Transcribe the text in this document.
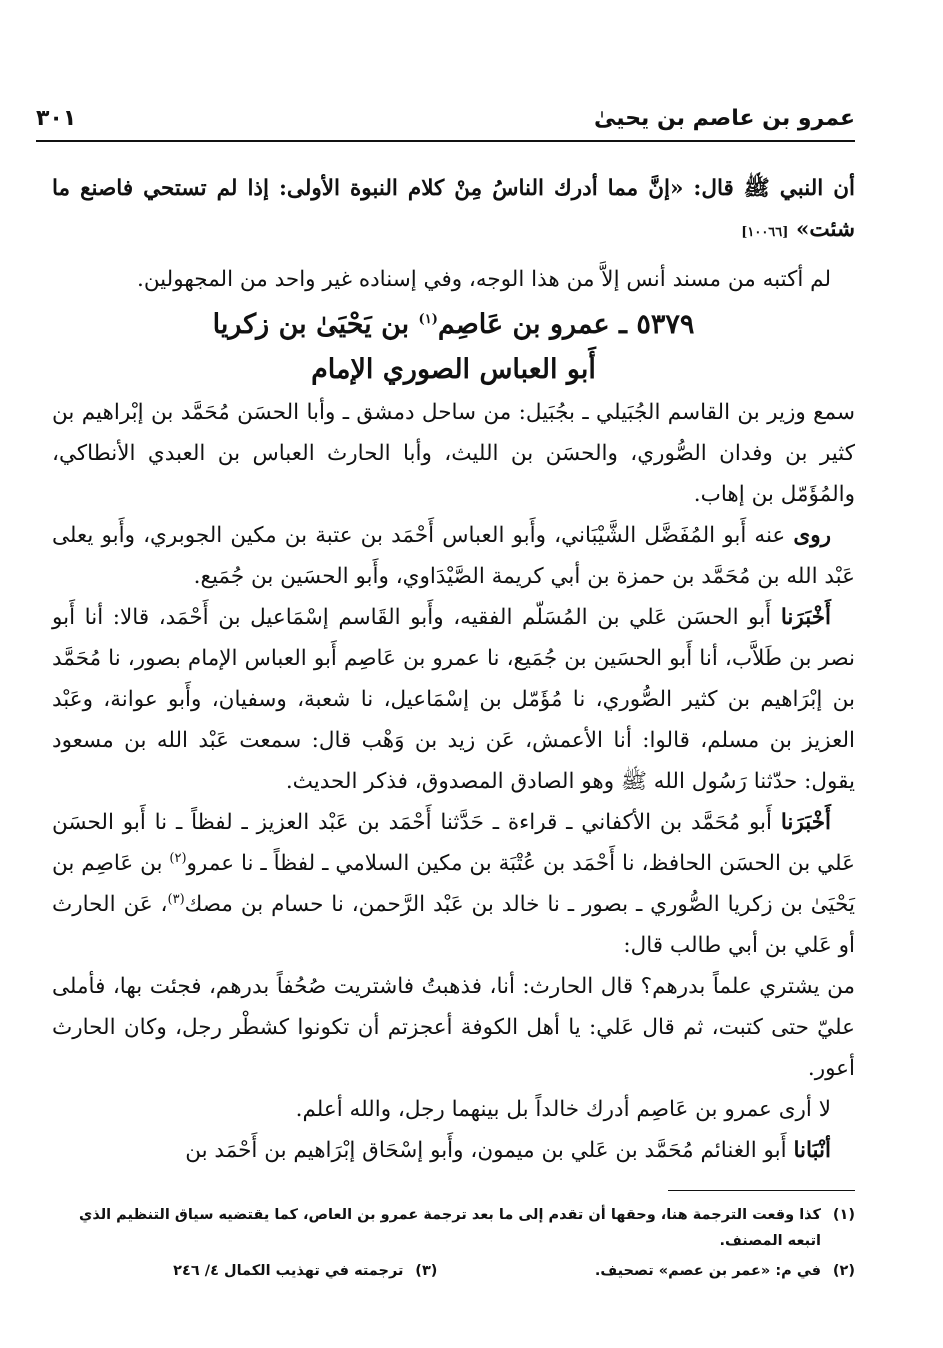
عمرو بن عاصم بن يحيىٰ
٣٠١

أن النبي ﷺ قال: «إنَّ مما أدرك الناسُ مِنْ كلام النبوة الأولى: إذا لم تستحي فاصنع ما شئت» [١٠٠٦٦]

لم أكتبه من مسند أنس إلاَّ من هذا الوجه، وفي إسناده غير واحد من المجهولين.

٥٣٧٩ ـ عمرو بن عَاصِم$^{(١)}$ بن يَحْيَىٰ بن زكريا

أَبو العباس الصوري الإمام

سمع وزير بن القاسم الجُبَيلي ـ بجُبَيل: من ساحل دمشق ـ وأبا الحسَن مُحَمَّد بن إبْراهيم بن كثير بن وفدان الصُّوري، والحسَن بن الليث، وأبا الحارث العباس بن العبدي الأنطاكي، والمُؤَمّل بن إهاب.

روى عنه أَبو المُفَضَّل الشَّيْبَاني، وأَبو العباس أَحْمَد بن عتبة بن مكين الجوبري، وأَبو يعلى عَبْد الله بن مُحَمَّد بن حمزة بن أبي كريمة الصَّيْدَاوي، وأَبو الحسَين بن جُمَيع.

أَخْبَرَنا أَبو الحسَن عَلي بن المُسَلّم الفقيه، وأَبو القَاسم إسْمَاعيل بن أَحْمَد، قالا: أنا أَبو نصر بن طَلاَّب، أنا أَبو الحسَين بن جُمَيع، نا عمرو بن عَاصِم أَبو العباس الإمام بصور، نا مُحَمَّد بن إبْرَاهيم بن كثير الصُّوري، نا مُؤَمّل بن إسْمَاعيل، نا شعبة، وسفيان، وأَبو عوانة، وعَبْد العزيز بن مسلم، قالوا: أنا الأعمش، عَن زيد بن وَهْب قال: سمعت عَبْد الله بن مسعود يقول: حدّثنا رَسُول الله ﷺ وهو الصادق المصدوق، فذكر الحديث.

أَخْبَرَنا أَبو مُحَمَّد بن الأكفاني ـ قراءة ـ حَدَّثنا أَحْمَد بن عَبْد العزيز ـ لفظاً ـ نا أَبو الحسَن عَلي بن الحسَن الحافظ، نا أَحْمَد بن عُتْبَة بن مكين السلامي ـ لفظاً ـ نا عمرو$^{(٢)}$ بن عَاصِم بن يَحْيَىٰ بن زكريا الصُّوري ـ بصور ـ نا خالد بن عَبْد الرَّحمن، نا حسام بن مصك$^{(٣)}$، عَن الحارث أو عَلي بن أبي طالب قال:

من يشتري علماً بدرهم؟ قال الحارث: أنا، فذهبتُ فاشتريت صُحُفاً بدرهم، فجئت بها، فأملى عليّ حتى كتبت، ثم قال عَلي: يا أهل الكوفة أعجزتم أن تكونوا كشطْر رجل، وكان الحارث أعور.

لا أرى عمرو بن عَاصِم أدرك خالداً بل بينهما رجل، والله أعلم.

أنْبَانا أَبو الغنائم مُحَمَّد بن عَلي بن ميمون، وأَبو إسْحَاق إبْرَاهيم بن أَحْمَد بن

(١)
كذا وقعت الترجمة هنا، وحقها أن تقدم إلى ما بعد ترجمة عمرو بن العاص، كما يقتضيه سياق التنظيم الذي اتبعه المصنف.
(٢)
في م: «عمر بن عصم» تصحيف.
(٣)
ترجمته في تهذيب الكمال ٤/ ٢٤٦
